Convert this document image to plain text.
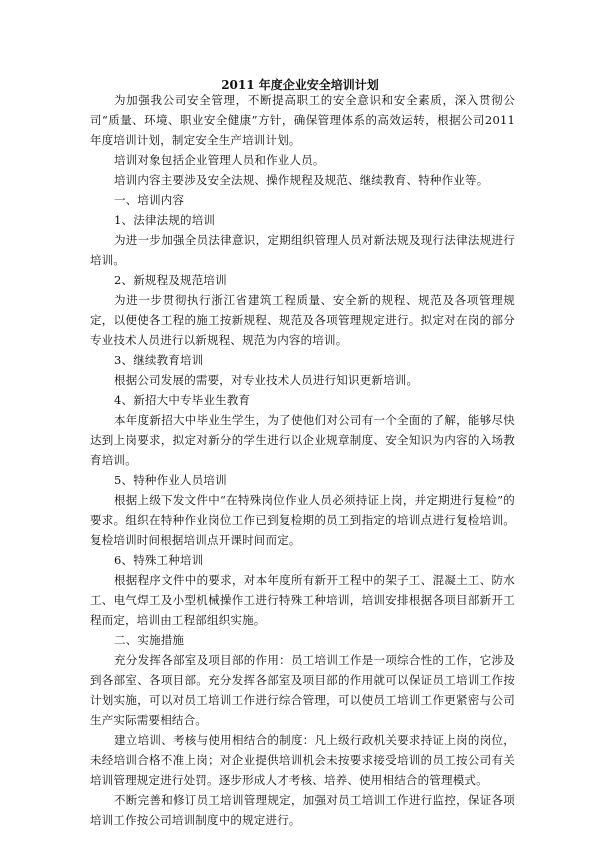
2011 年度企业安全培训计划
为加强我公司安全管理，不断提高职工的安全意识和安全素质，深入贯彻公司“质量、环境、职业安全健康”方针，确保管理体系的高效运转，根据公司2011年度培训计划，制定安全生产培训计划。
培训对象包括企业管理人员和作业人员。
培训内容主要涉及安全法规、操作规程及规范、继续教育、特种作业等。
一、培训内容
1、法律法规的培训
为进一步加强全员法律意识，定期组织管理人员对新法规及现行法律法规进行培训。
2、新规程及规范培训
为进一步贯彻执行浙江省建筑工程质量、安全新的规程、规范及各项管理规定，以便使各工程的施工按新规程、规范及各项管理规定进行。拟定对在岗的部分专业技术人员进行以新规程、规范为内容的培训。
3、继续教育培训
根据公司发展的需要，对专业技术人员进行知识更新培训。
4、新招大中专毕业生教育
本年度新招大中毕业生学生，为了使他们对公司有一个全面的了解，能够尽快达到上岗要求，拟定对新分的学生进行以企业规章制度、安全知识为内容的入场教育培训。
5、特种作业人员培训
根据上级下发文件中“在特殊岗位作业人员必须持证上岗，并定期进行复检”的要求。组织在特种作业岗位工作已到复检期的员工到指定的培训点进行复检培训。复检培训时间根据培训点开课时间而定。
6、特殊工种培训
根据程序文件中的要求，对本年度所有新开工程中的架子工、混凝土工、防水工、电气焊工及小型机械操作工进行特殊工种培训，培训安排根据各项目部新开工程而定，培训由工程部组织实施。
二、实施措施
充分发挥各部室及项目部的作用：员工培训工作是一项综合性的工作，它涉及到各部室、各项目部。充分发挥各部室及项目部的作用就可以保证员工培训工作按计划实施，可以对员工培训工作进行综合管理，可以使员工培训工作更紧密与公司生产实际需要相结合。
建立培训、考核与使用相结合的制度：凡上级行政机关要求持证上岗的岗位，未经培训合格不准上岗；对企业提供培训机会未按要求接受培训的员工按公司有关培训管理规定进行处罚。逐步形成人才考核、培养、使用相结合的管理模式。
不断完善和修订员工培训管理规定，加强对员工培训工作进行监控，保证各项培训工作按公司培训制度中的规定进行。
